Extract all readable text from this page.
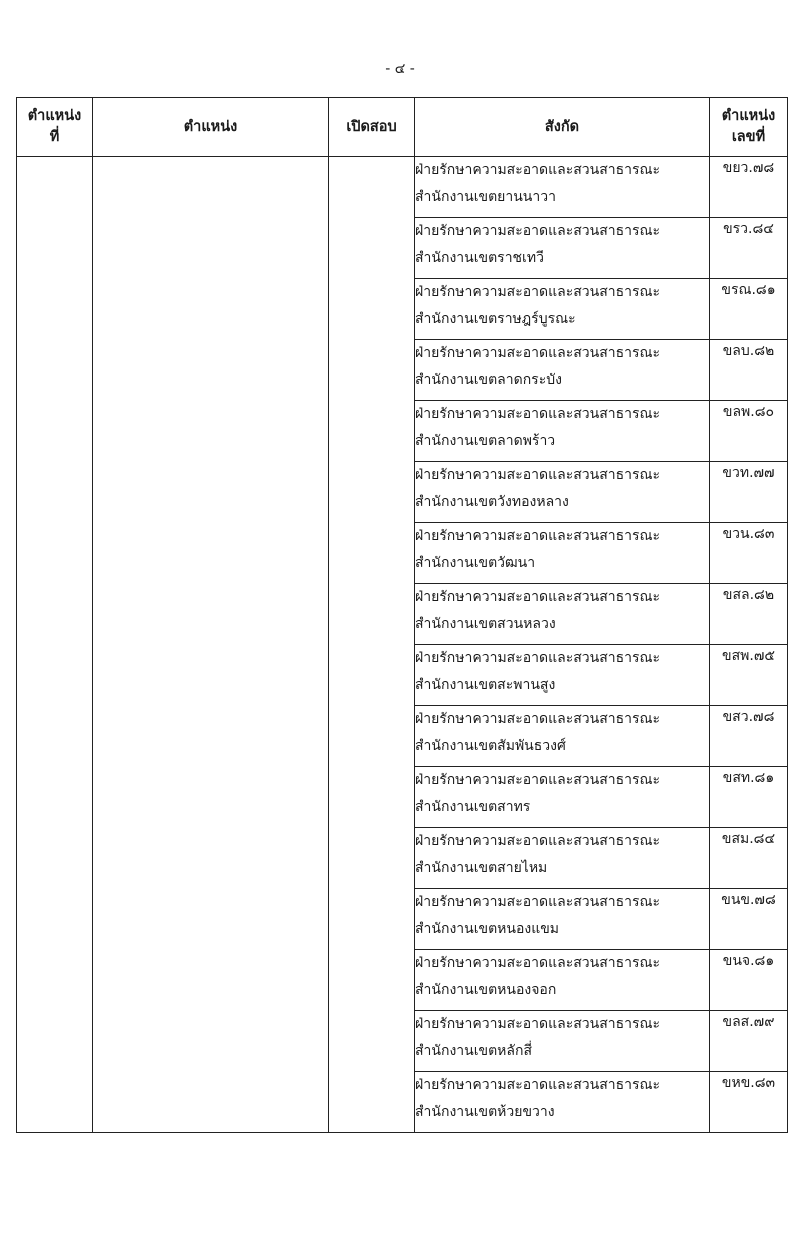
- ๔ -
ตำแหน่ง
ที่	ตำแหน่ง	เปิดสอบ	สังกัด	ตำแหน่ง
เลขที่

			ฝ่ายรักษาความสะอาดและสวนสาธารณะ
สำนักงานเขตยานนาวา	ขยว.๗๘

			ฝ่ายรักษาความสะอาดและสวนสาธารณะ
สำนักงานเขตราชเทวี	ขรว.๘๔

			ฝ่ายรักษาความสะอาดและสวนสาธารณะ
สำนักงานเขตราษฎร์บูรณะ	ขรณ.๘๑

			ฝ่ายรักษาความสะอาดและสวนสาธารณะ
สำนักงานเขตลาดกระบัง	ขลบ.๘๒

			ฝ่ายรักษาความสะอาดและสวนสาธารณะ
สำนักงานเขตลาดพร้าว	ขลพ.๘๐

			ฝ่ายรักษาความสะอาดและสวนสาธารณะ
สำนักงานเขตวังทองหลาง	ขวท.๗๗

			ฝ่ายรักษาความสะอาดและสวนสาธารณะ
สำนักงานเขตวัฒนา	ขวน.๘๓

			ฝ่ายรักษาความสะอาดและสวนสาธารณะ
สำนักงานเขตสวนหลวง	ขสล.๘๒

			ฝ่ายรักษาความสะอาดและสวนสาธารณะ
สำนักงานเขตสะพานสูง	ขสพ.๗๕

			ฝ่ายรักษาความสะอาดและสวนสาธารณะ
สำนักงานเขตสัมพันธวงศ์	ขสว.๗๘

			ฝ่ายรักษาความสะอาดและสวนสาธารณะ
สำนักงานเขตสาทร	ขสท.๘๑

			ฝ่ายรักษาความสะอาดและสวนสาธารณะ
สำนักงานเขตสายไหม	ขสม.๘๔

			ฝ่ายรักษาความสะอาดและสวนสาธารณะ
สำนักงานเขตหนองแขม	ขนข.๗๘

			ฝ่ายรักษาความสะอาดและสวนสาธารณะ
สำนักงานเขตหนองจอก	ขนจ.๘๑

			ฝ่ายรักษาความสะอาดและสวนสาธารณะ
สำนักงานเขตหลักสี่	ขลส.๗๙

			ฝ่ายรักษาความสะอาดและสวนสาธารณะ
สำนักงานเขตห้วยขวาง	ขหข.๘๓
